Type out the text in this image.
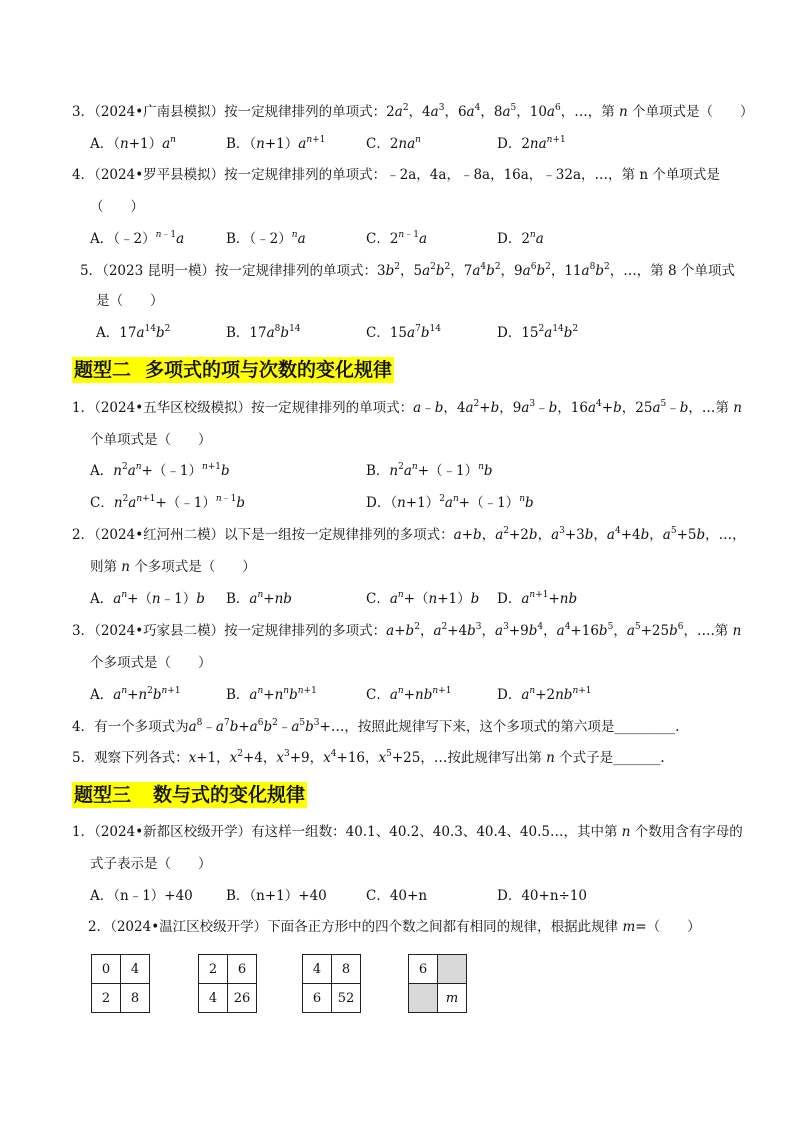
3．（2024•广南县模拟）按一定规律排列的单项式：$2a^2$，$4a^3$，$6a^4$，$8a^5$，$10a^6$，…，第 n 个单项式是（　　）
A．$(n+1)a^n$	B．$(n+1)a^{n+1}$	C．$2na^n$	D．$2na^{n+1}$
4．（2024•罗平县模拟）按一定规律排列的单项式：﹣2a，4a，﹣8a，16a，﹣32a，…，第 n 个单项式是
（　　）
A．（﹣2）$^{n﹣1}$a	B．（﹣2）$^n$a	C．$2^{n﹣1}a$	D．2$^n$a
5．（2023 昆明一模）按一定规律排列的单项式：$3b^2$，$5a^2b^2$，$7a^4b^2$，$9a^6b^2$，$11a^8b^2$，…，第 8 个单项式
是（　　）
A．$17a^{14}b^2$	B．$17a^8b^{14}$	C．$15a^7b^{14}$	D．$15^2a^{14}b^2$
题型二 多项式的项与次数的变化规律
1．（2024•五华区校级模拟）按一定规律排列的单项式：a﹣b，$4a^2+b$，$9a^3﹣b$，$16a^4+b$，$25a^5﹣b$，…第 n
个单项式是（　　）
A．$n^2a^n+(﹣1)^{n+1}b$	B．$n^2a^n+(﹣1)^nb$
C．$n^2a^{n+1}+(﹣1)^{n﹣1}b$	D．$(n+1)^2a^n+(﹣1)^nb$
2．（2024•红河州二模）以下是一组按一定规律排列的多项式：a+b，$a^2+2b$，$a^3+3b$，$a^4+4b$，$a^5+5b$，…，
则第 n 个多项式是（　　）
A．$a^n+(n﹣1)b$ B．$a^n+nb$	C．$a^n+(n+1)b$ D．$a^{n+1}+nb$
3．（2024•巧家县二模）按一定规律排列的多项式：$a+b^2$，$a^2+4b^3$，$a^3+9b^4$，$a^4+16b^5$，$a^5+25b^6$，….第 n
个多项式是（　　）
A．$a^n+n^2b^{n+1}$	B．$a^n+n^nb^{n+1}$	C．$a^n+nb^{n+1}$	D．$a^n+2nb^{n+1}$
4．有一个多项式为$a^8﹣a^7b+a^6b^2﹣a^5b^3+\dots$，按照此规律写下来，这个多项式的第六项是_________.
5．观察下列各式：x+1，$x^2+4$，$x^3+9$，$x^4+16$，$x^5+25$，…按此规律写出第 n 个式子是_______.
题型三 数与式的变化规律
1．（2024•新都区校级开学）有这样一组数：40.1、40.2、40.3、40.4、40.5…，其中第 n 个数用含有字母的
式子表示是（　　）
A．（n﹣1）+40 B．（n+1）+40	C．40+n	D．40+n÷10
2．（2024•温江区校级开学）下面各正方形中的四个数之间都有相同的规律，根据此规律 m=（　　）
0	4
2	8
2	6
4	26
4	8
6	52
6	
	m
